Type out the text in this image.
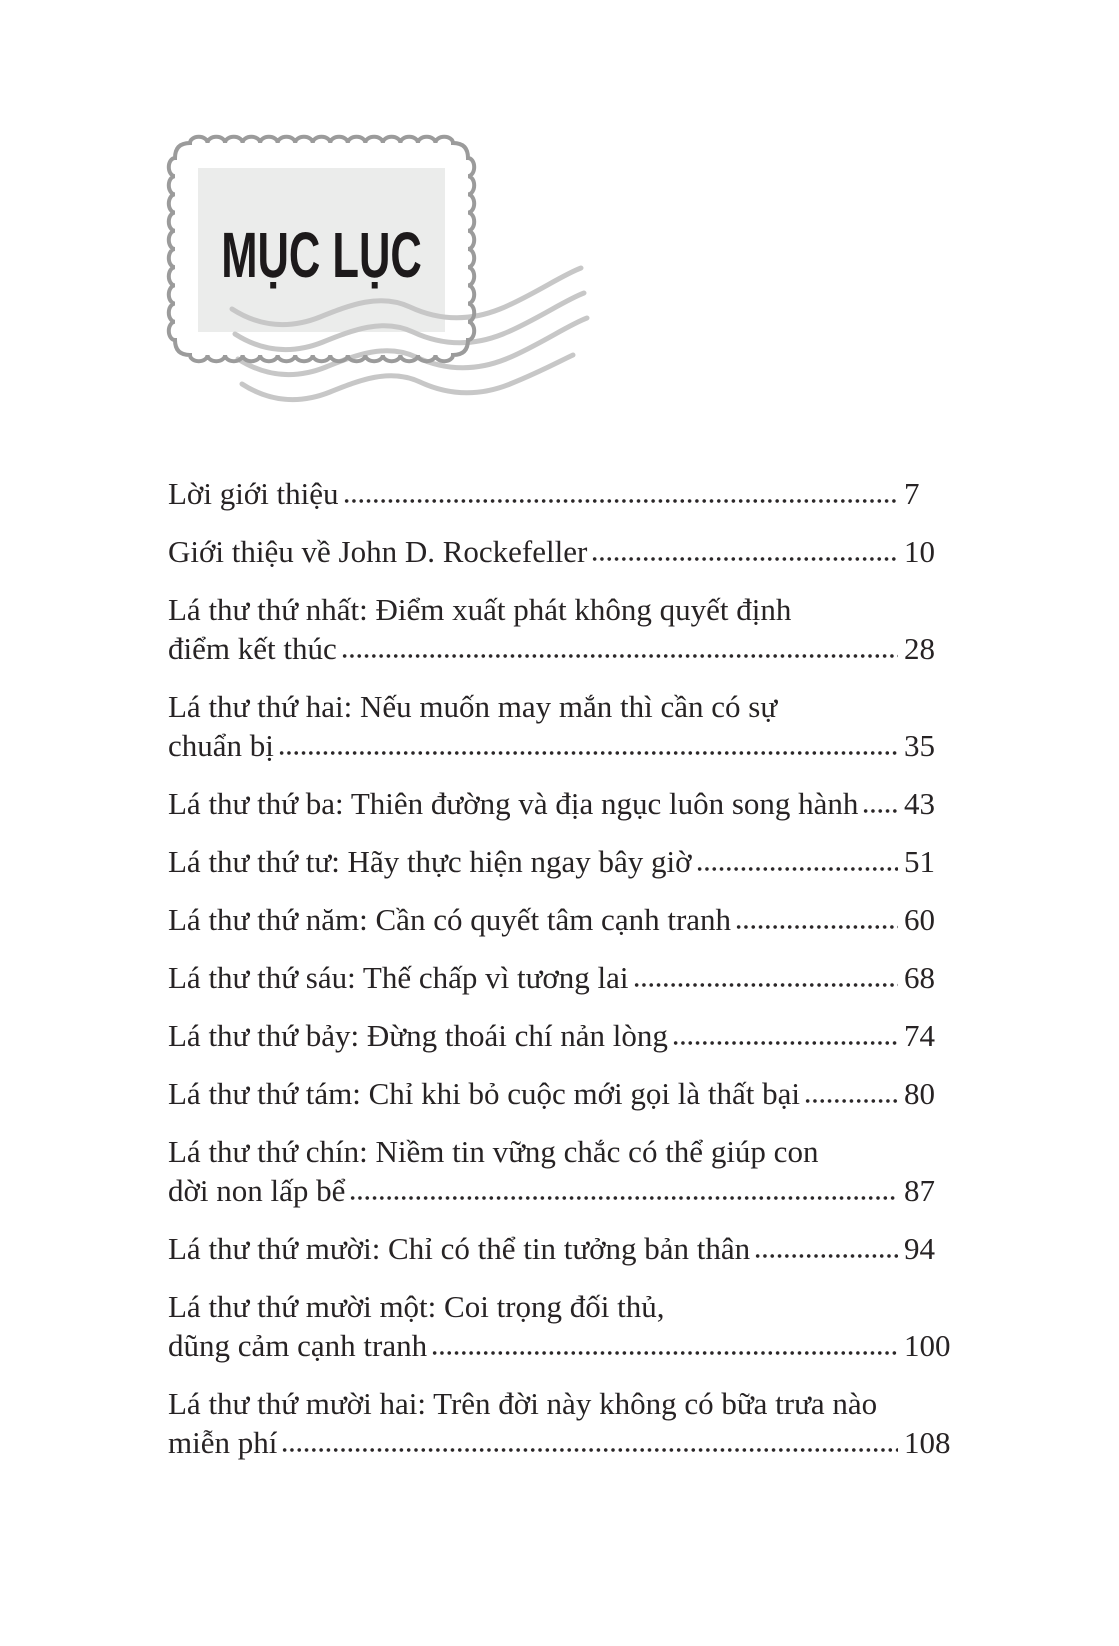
MỤC LỤC
Lời giới thiệu	7
Giới thiệu về John D. Rockefeller	10
Lá thư thứ nhất: Điểm xuất phát không quyết định
điểm kết thúc	28
Lá thư thứ hai: Nếu muốn may mắn thì cần có sự
chuẩn bị	35
Lá thư thứ ba: Thiên đường và địa ngục luôn song hành 43
Lá thư thứ tư: Hãy thực hiện ngay bây giờ	51
Lá thư thứ năm: Cần có quyết tâm cạnh tranh	60
Lá thư thứ sáu: Thế chấp vì tương lai	68
Lá thư thứ bảy: Đừng thoái chí nản lòng	74
Lá thư thứ tám: Chỉ khi bỏ cuộc mới gọi là thất bại	80
Lá thư thứ chín: Niềm tin vững chắc có thể giúp con
dời non lấp bể	87
Lá thư thứ mười: Chỉ có thể tin tưởng bản thân	94
Lá thư thứ mười một: Coi trọng đối thủ,
dũng cảm cạnh tranh	100
Lá thư thứ mười hai: Trên đời này không có bữa trưa nào
miễn phí	108
